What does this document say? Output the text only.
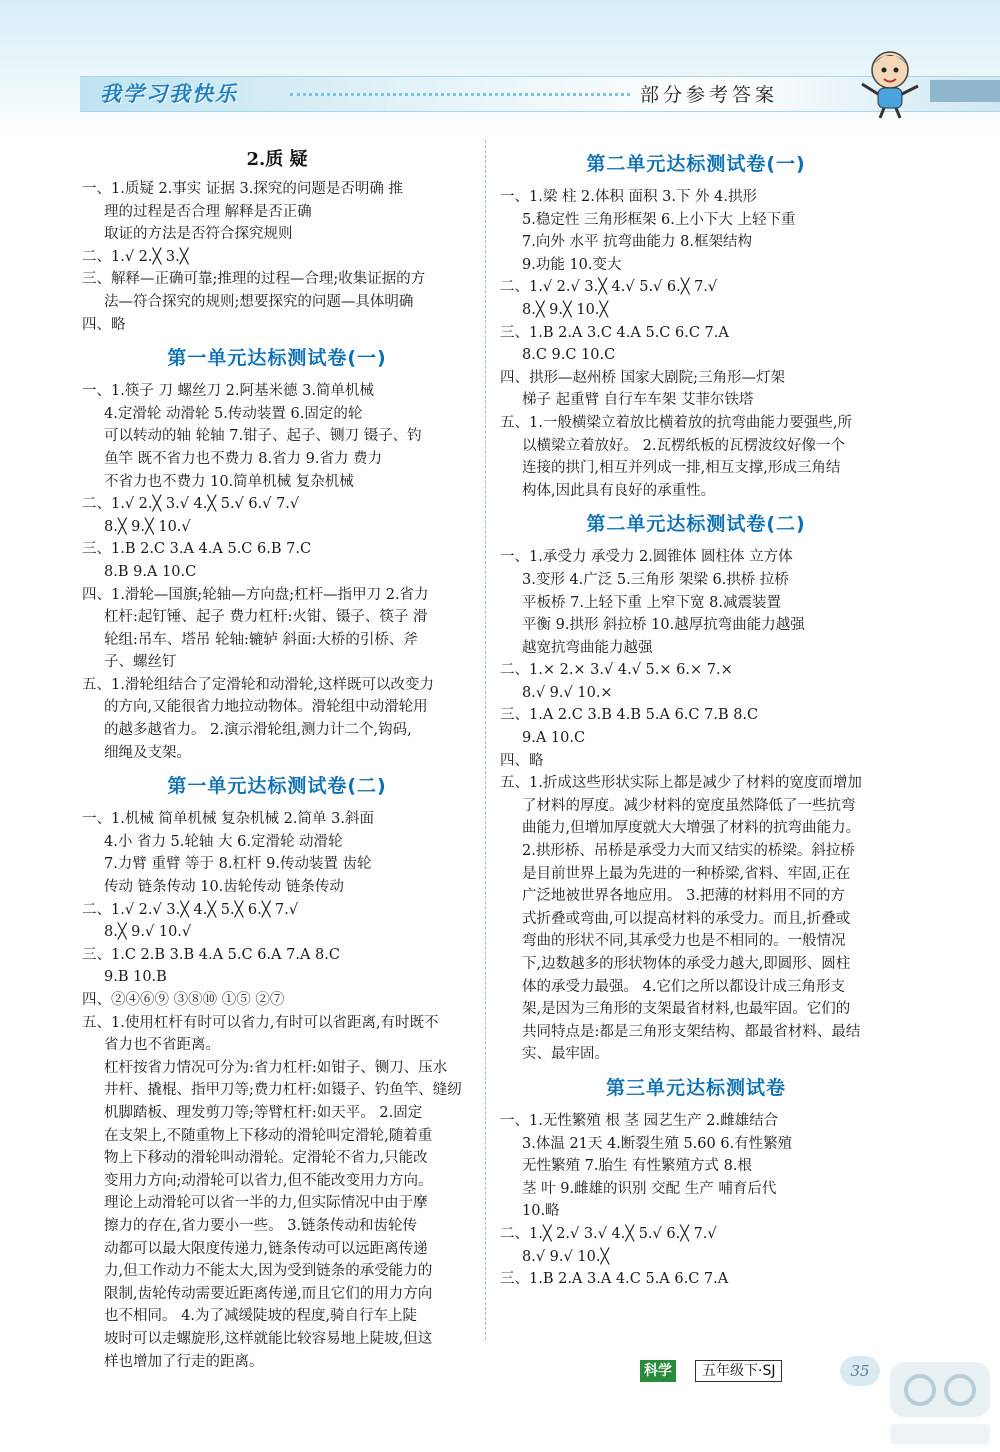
我学习我快乐	部分参考答案
2.质 疑
一、1.质疑 2.事实 证据 3.探究的问题是否明确 推
理的过程是否合理 解释是否正确
取证的方法是否符合探究规则
二、1.√ 2.╳ 3.╳
三、解释—正确可靠;推理的过程—合理;收集证据的方
法—符合探究的规则;想要探究的问题—具体明确
四、略
第一单元达标测试卷(一)
一、1.筷子 刀 螺丝刀 2.阿基米德 3.简单机械
4.定滑轮 动滑轮 5.传动装置 6.固定的轮
可以转动的轴 轮轴 7.钳子、起子、铡刀 镊子、钓
鱼竿 既不省力也不费力 8.省力 9.省力 费力
不省力也不费力 10.简单机械 复杂机械
二、1.√ 2.╳ 3.√ 4.╳ 5.√ 6.√ 7.√
8.╳ 9.╳ 10.√
三、1.B 2.C 3.A 4.A 5.C 6.B 7.C
8.B 9.A 10.C
四、1.滑轮—国旗;轮轴—方向盘;杠杆—指甲刀 2.省力
杠杆:起钉锤、起子 费力杠杆:火钳、镊子、筷子 滑
轮组:吊车、塔吊 轮轴:辘轳 斜面:大桥的引桥、斧
子、螺丝钉
五、1.滑轮组结合了定滑轮和动滑轮,这样既可以改变力
的方向,又能很省力地拉动物体。滑轮组中动滑轮用
的越多越省力。 2.演示滑轮组,测力计二个,钩码,
细绳及支架。
第一单元达标测试卷(二)
一、1.机械 简单机械 复杂机械 2.简单 3.斜面
4.小 省力 5.轮轴 大 6.定滑轮 动滑轮
7.力臂 重臂 等于 8.杠杆 9.传动装置 齿轮
传动 链条传动 10.齿轮传动 链条传动
二、1.√ 2.√ 3.╳ 4.╳ 5.╳ 6.╳ 7.√
8.╳ 9.√ 10.√
三、1.C 2.B 3.B 4.A 5.C 6.A 7.A 8.C
9.B 10.B
四、②④⑥⑨ ③⑧⑩ ①⑤ ②⑦
五、1.使用杠杆有时可以省力,有时可以省距离,有时既不
省力也不省距离。
杠杆按省力情况可分为:省力杠杆:如钳子、铡刀、压水
井杆、撬棍、指甲刀等;费力杠杆:如镊子、钓鱼竿、缝纫
机脚踏板、理发剪刀等;等臂杠杆:如天平。 2.固定
在支架上,不随重物上下移动的滑轮叫定滑轮,随着重
物上下移动的滑轮叫动滑轮。定滑轮不省力,只能改
变用力方向;动滑轮可以省力,但不能改变用力方向。
理论上动滑轮可以省一半的力,但实际情况中由于摩
擦力的存在,省力要小一些。 3.链条传动和齿轮传
动都可以最大限度传递力,链条传动可以远距离传递
力,但工作动力不能太大,因为受到链条的承受能力的
限制,齿轮传动需要近距离传递,而且它们的用力方向
也不相同。 4.为了减缓陡坡的程度,骑自行车上陡
坡时可以走螺旋形,这样就能比较容易地上陡坡,但这
样也增加了行走的距离。
第二单元达标测试卷(一)
一、1.梁 柱 2.体积 面积 3.下 外 4.拱形
5.稳定性 三角形框架 6.上小下大 上轻下重
7.向外 水平 抗弯曲能力 8.框架结构
9.功能 10.变大
二、1.√ 2.√ 3.╳ 4.√ 5.√ 6.╳ 7.√
8.╳ 9.╳ 10.╳
三、1.B 2.A 3.C 4.A 5.C 6.C 7.A
8.C 9.C 10.C
四、拱形—赵州桥 国家大剧院;三角形—灯架
梯子 起重臂 自行车车架 艾菲尔铁塔
五、1.一般横梁立着放比横着放的抗弯曲能力要强些,所
以横梁立着放好。 2.瓦楞纸板的瓦楞波纹好像一个
连接的拱门,相互并列成一排,相互支撑,形成三角结
构体,因此具有良好的承重性。
第二单元达标测试卷(二)
一、1.承受力 承受力 2.圆锥体 圆柱体 立方体
3.变形 4.广泛 5.三角形 架梁 6.拱桥 拉桥
平板桥 7.上轻下重 上窄下宽 8.减震装置
平衡 9.拱形 斜拉桥 10.越厚抗弯曲能力越强
越宽抗弯曲能力越强
二、1.× 2.× 3.√ 4.√ 5.× 6.× 7.×
8.√ 9.√ 10.×
三、1.A 2.C 3.B 4.B 5.A 6.C 7.B 8.C
9.A 10.C
四、略
五、1.折成这些形状实际上都是减少了材料的宽度而增加
了材料的厚度。减少材料的宽度虽然降低了一些抗弯
曲能力,但增加厚度就大大增强了材料的抗弯曲能力。
2.拱形桥、吊桥是承受力大而又结实的桥梁。斜拉桥
是目前世界上最为先进的一种桥梁,省料、牢固,正在
广泛地被世界各地应用。 3.把薄的材料用不同的方
式折叠或弯曲,可以提高材料的承受力。而且,折叠或
弯曲的形状不同,其承受力也是不相同的。一般情况
下,边数越多的形状物体的承受力越大,即圆形、圆柱
体的承受力最强。 4.它们之所以都设计成三角形支
架,是因为三角形的支架最省材料,也最牢固。它们的
共同特点是:都是三角形支架结构、都最省材料、最结
实、最牢固。
第三单元达标测试卷
一、1.无性繁殖 根 茎 园艺生产 2.雌雄结合
3.体温 21天 4.断裂生殖 5.60 6.有性繁殖
无性繁殖 7.胎生 有性繁殖方式 8.根
茎 叶 9.雌雄的识别 交配 生产 哺育后代
10.略
二、1.╳ 2.√ 3.√ 4.╳ 5.√ 6.╳ 7.√
8.√ 9.√ 10.╳
三、1.B 2.A 3.A 4.C 5.A 6.C 7.A
科学	五年级下·SJ	35
